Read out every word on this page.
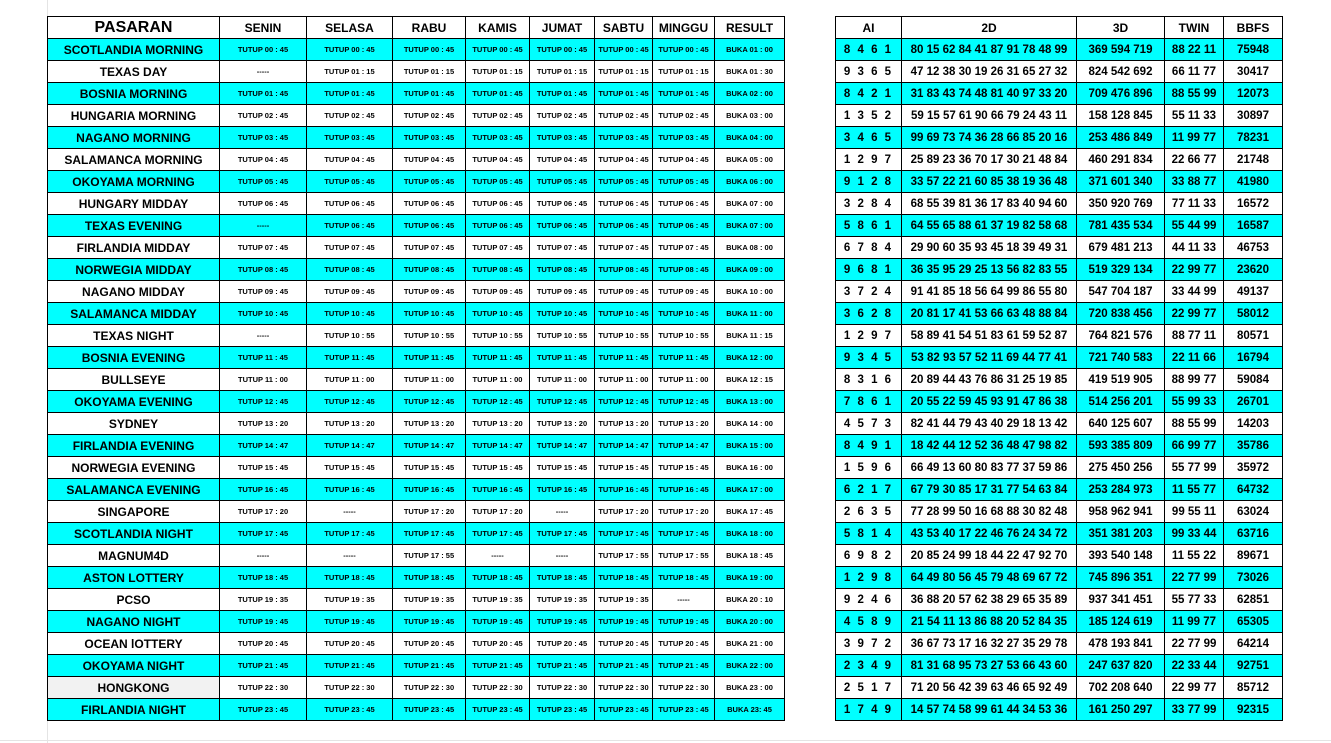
PASARAN	SENIN	SELASA	RABU	KAMIS	JUMAT	SABTU	MINGGU	RESULT
SCOTLANDIA MORNING	TUTUP 00 : 45	TUTUP 00 : 45	TUTUP 00 : 45	TUTUP 00 : 45	TUTUP 00 : 45	TUTUP 00 : 45	TUTUP 00 : 45	BUKA 01 : 00
TEXAS DAY	-----	TUTUP 01 : 15	TUTUP 01 : 15	TUTUP 01 : 15	TUTUP 01 : 15	TUTUP 01 : 15	TUTUP 01 : 15	BUKA 01 : 30
BOSNIA MORNING	TUTUP 01 : 45	TUTUP 01 : 45	TUTUP 01 : 45	TUTUP 01 : 45	TUTUP 01 : 45	TUTUP 01 : 45	TUTUP 01 : 45	BUKA 02 : 00
HUNGARIA MORNING	TUTUP 02 : 45	TUTUP 02 : 45	TUTUP 02 : 45	TUTUP 02 : 45	TUTUP 02 : 45	TUTUP 02 : 45	TUTUP 02 : 45	BUKA 03 : 00
NAGANO MORNING	TUTUP 03 : 45	TUTUP 03 : 45	TUTUP 03 : 45	TUTUP 03 : 45	TUTUP 03 : 45	TUTUP 03 : 45	TUTUP 03 : 45	BUKA 04 : 00
SALAMANCA MORNING	TUTUP 04 : 45	TUTUP 04 : 45	TUTUP 04 : 45	TUTUP 04 : 45	TUTUP 04 : 45	TUTUP 04 : 45	TUTUP 04 : 45	BUKA 05 : 00
OKOYAMA MORNING	TUTUP 05 : 45	TUTUP 05 : 45	TUTUP 05 : 45	TUTUP 05 : 45	TUTUP 05 : 45	TUTUP 05 : 45	TUTUP 05 : 45	BUKA 06 : 00
HUNGARY MIDDAY	TUTUP 06 : 45	TUTUP 06 : 45	TUTUP 06 : 45	TUTUP 06 : 45	TUTUP 06 : 45	TUTUP 06 : 45	TUTUP 06 : 45	BUKA 07 : 00
TEXAS EVENING	-----	TUTUP 06 : 45	TUTUP 06 : 45	TUTUP 06 : 45	TUTUP 06 : 45	TUTUP 06 : 45	TUTUP 06 : 45	BUKA 07 : 00
FIRLANDIA MIDDAY	TUTUP 07 : 45	TUTUP 07 : 45	TUTUP 07 : 45	TUTUP 07 : 45	TUTUP 07 : 45	TUTUP 07 : 45	TUTUP 07 : 45	BUKA 08 : 00
NORWEGIA MIDDAY	TUTUP 08 : 45	TUTUP 08 : 45	TUTUP 08 : 45	TUTUP 08 : 45	TUTUP 08 : 45	TUTUP 08 : 45	TUTUP 08 : 45	BUKA 09 : 00
NAGANO MIDDAY	TUTUP 09 : 45	TUTUP 09 : 45	TUTUP 09 : 45	TUTUP 09 : 45	TUTUP 09 : 45	TUTUP 09 : 45	TUTUP 09 : 45	BUKA 10 : 00
SALAMANCA MIDDAY	TUTUP 10 : 45	TUTUP 10 : 45	TUTUP 10 : 45	TUTUP 10 : 45	TUTUP 10 : 45	TUTUP 10 : 45	TUTUP 10 : 45	BUKA 11 : 00
TEXAS NIGHT	-----	TUTUP 10 : 55	TUTUP 10 : 55	TUTUP 10 : 55	TUTUP 10 : 55	TUTUP 10 : 55	TUTUP 10 : 55	BUKA 11 : 15
BOSNIA EVENING	TUTUP 11 : 45	TUTUP 11 : 45	TUTUP 11 : 45	TUTUP 11 : 45	TUTUP 11 : 45	TUTUP 11 : 45	TUTUP 11 : 45	BUKA 12 : 00
BULLSEYE	TUTUP 11 : 00	TUTUP 11 : 00	TUTUP 11 : 00	TUTUP 11 : 00	TUTUP 11 : 00	TUTUP 11 : 00	TUTUP 11 : 00	BUKA 12 : 15
OKOYAMA EVENING	TUTUP 12 : 45	TUTUP 12 : 45	TUTUP 12 : 45	TUTUP 12 : 45	TUTUP 12 : 45	TUTUP 12 : 45	TUTUP 12 : 45	BUKA 13 : 00
SYDNEY	TUTUP 13 : 20	TUTUP 13 : 20	TUTUP 13 : 20	TUTUP 13 : 20	TUTUP 13 : 20	TUTUP 13 : 20	TUTUP 13 : 20	BUKA 14 : 00
FIRLANDIA EVENING	TUTUP 14 : 47	TUTUP 14 : 47	TUTUP 14 : 47	TUTUP 14 : 47	TUTUP 14 : 47	TUTUP 14 : 47	TUTUP 14 : 47	BUKA 15 : 00
NORWEGIA EVENING	TUTUP 15 : 45	TUTUP 15 : 45	TUTUP 15 : 45	TUTUP 15 : 45	TUTUP 15 : 45	TUTUP 15 : 45	TUTUP 15 : 45	BUKA 16 : 00
SALAMANCA EVENING	TUTUP 16 : 45	TUTUP 16 : 45	TUTUP 16 : 45	TUTUP 16 : 45	TUTUP 16 : 45	TUTUP 16 : 45	TUTUP 16 : 45	BUKA 17 : 00
SINGAPORE	TUTUP 17 : 20	-----	TUTUP 17 : 20	TUTUP 17 : 20	-----	TUTUP 17 : 20	TUTUP 17 : 20	BUKA 17 : 45
SCOTLANDIA NIGHT	TUTUP 17 : 45	TUTUP 17 : 45	TUTUP 17 : 45	TUTUP 17 : 45	TUTUP 17 : 45	TUTUP 17 : 45	TUTUP 17 : 45	BUKA 18 : 00
MAGNUM4D	-----	-----	TUTUP 17 : 55	-----	-----	TUTUP 17 : 55	TUTUP 17 : 55	BUKA 18 : 45
ASTON LOTTERY	TUTUP 18 : 45	TUTUP 18 : 45	TUTUP 18 : 45	TUTUP 18 : 45	TUTUP 18 : 45	TUTUP 18 : 45	TUTUP 18 : 45	BUKA 19 : 00
PCSO	TUTUP 19 : 35	TUTUP 19 : 35	TUTUP 19 : 35	TUTUP 19 : 35	TUTUP 19 : 35	TUTUP 19 : 35	-----	BUKA 20 : 10
NAGANO NIGHT	TUTUP 19 : 45	TUTUP 19 : 45	TUTUP 19 : 45	TUTUP 19 : 45	TUTUP 19 : 45	TUTUP 19 : 45	TUTUP 19 : 45	BUKA 20 : 00
OCEAN lOTTERY	TUTUP 20 : 45	TUTUP 20 : 45	TUTUP 20 : 45	TUTUP 20 : 45	TUTUP 20 : 45	TUTUP 20 : 45	TUTUP 20 : 45	BUKA 21 : 00
OKOYAMA NIGHT	TUTUP 21 : 45	TUTUP 21 : 45	TUTUP 21 : 45	TUTUP 21 : 45	TUTUP 21 : 45	TUTUP 21 : 45	TUTUP 21 : 45	BUKA 22 : 00
HONGKONG	TUTUP 22 : 30	TUTUP 22 : 30	TUTUP 22 : 30	TUTUP 22 : 30	TUTUP 22 : 30	TUTUP 22 : 30	TUTUP 22 : 30	BUKA 23 : 00
FIRLANDIA NIGHT	TUTUP 23 : 45	TUTUP 23 : 45	TUTUP 23 : 45	TUTUP 23 : 45	TUTUP 23 : 45	TUTUP 23 : 45	TUTUP 23 : 45	BUKA 23: 45
AI	2D	3D	TWIN	BBFS
8 4 6 1	80 15 62 84 41 87 91 78 48 99	369 594 719	88 22 11	75948
9 3 6 5	47 12 38 30 19 26 31 65 27 32	824 542 692	66 11 77	30417
8 4 2 1	31 83 43 74 48 81 40 97 33 20	709 476 896	88 55 99	12073
1 3 5 2	59 15 57 61 90 66 79 24 43 11	158 128 845	55 11 33	30897
3 4 6 5	99 69 73 74 36 28 66 85 20 16	253 486 849	11 99 77	78231
1 2 9 7	25 89 23 36 70 17 30 21 48 84	460 291 834	22 66 77	21748
9 1 2 8	33 57 22 21 60 85 38 19 36 48	371 601 340	33 88 77	41980
3 2 8 4	68 55 39 81 36 17 83 40 94 60	350 920 769	77 11 33	16572
5 8 6 1	64 55 65 88 61 37 19 82 58 68	781 435 534	55 44 99	16587
6 7 8 4	29 90 60 35 93 45 18 39 49 31	679 481 213	44 11 33	46753
9 6 8 1	36 35 95 29 25 13 56 82 83 55	519 329 134	22 99 77	23620
3 7 2 4	91 41 85 18 56 64 99 86 55 80	547 704 187	33 44 99	49137
3 6 2 8	20 81 17 41 53 66 63 48 88 84	720 838 456	22 99 77	58012
1 2 9 7	58 89 41 54 51 83 61 59 52 87	764 821 576	88 77 11	80571
9 3 4 5	53 82 93 57 52 11 69 44 77 41	721 740 583	22 11 66	16794
8 3 1 6	20 89 44 43 76 86 31 25 19 85	419 519 905	88 99 77	59084
7 8 6 1	20 55 22 59 45 93 91 47 86 38	514 256 201	55 99 33	26701
4 5 7 3	82 41 44 79 43 40 29 18 13 42	640 125 607	88 55 99	14203
8 4 9 1	18 42 44 12 52 36 48 47 98 82	593 385 809	66 99 77	35786
1 5 9 6	66 49 13 60 80 83 77 37 59 86	275 450 256	55 77 99	35972
6 2 1 7	67 79 30 85 17 31 77 54 63 84	253 284 973	11 55 77	64732
2 6 3 5	77 28 99 50 16 68 88 30 82 48	958 962 941	99 55 11	63024
5 8 1 4	43 53 40 17 22 46 76 24 34 72	351 381 203	99 33 44	63716
6 9 8 2	20 85 24 99 18 44 22 47 92 70	393 540 148	11 55 22	89671
1 2 9 8	64 49 80 56 45 79 48 69 67 72	745 896 351	22 77 99	73026
9 2 4 6	36 88 20 57 62 38 29 65 35 89	937 341 451	55 77 33	62851
4 5 8 9	21 54 11 13 86 88 20 52 84 35	185 124 619	11 99 77	65305
3 9 7 2	36 67 73 17 16 32 27 35 29 78	478 193 841	22 77 99	64214
2 3 4 9	81 31 68 95 73 27 53 66 43 60	247 637 820	22 33 44	92751
2 5 1 7	71 20 56 42 39 63 46 65 92 49	702 208 640	22 99 77	85712
1 7 4 9	14 57 74 58 99 61 44 34 53 36	161 250 297	33 77 99	92315
